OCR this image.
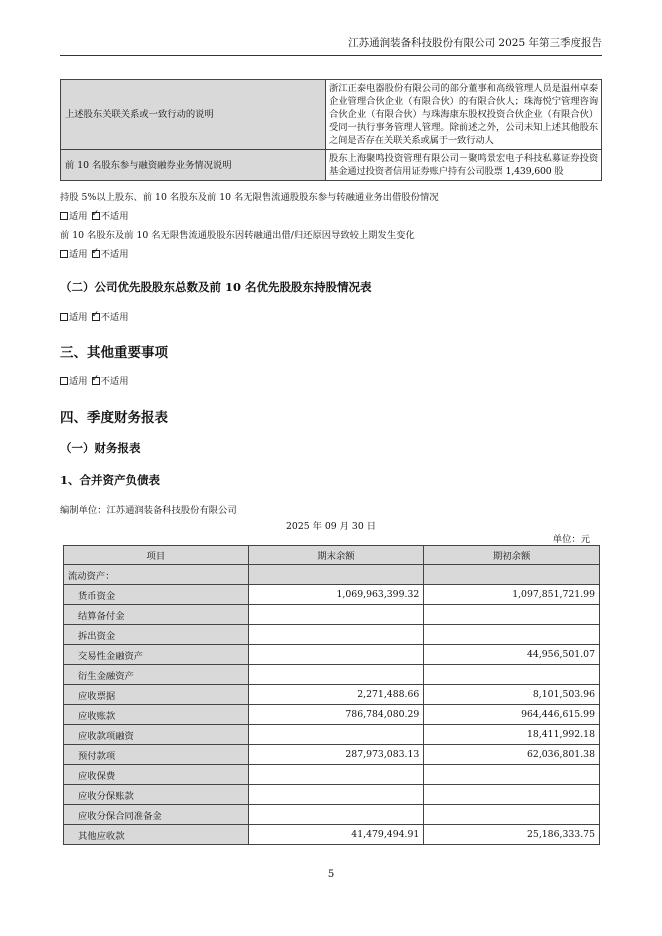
江苏通润装备科技股份有限公司 2025 年第三季度报告
上述股东关联关系或一致行动的说明	浙江正泰电器股份有限公司的部分董事和高级管理人员是温州卓泰企业管理合伙企业（有限合伙）的有限合伙人；珠海悦宁管理咨询合伙企业（有限合伙）与珠海康东股权投资合伙企业（有限合伙）受同一执行事务管理人管理。除前述之外，公司未知上述其他股东之间是否存在关联关系或属于一致行动人
前 10 名股东参与融资融券业务情况说明	股东上海聚鸣投资管理有限公司－聚鸣景宏电子科技私募证券投资基金通过投资者信用证券账户持有公司股票 1,439,600 股
持股 5%以上股东、前 10 名股东及前 10 名无限售流通股股东参与转融通业务出借股份情况
适用 ✓ 不适用
前 10 名股东及前 10 名无限售流通股股东因转融通出借/归还原因导致较上期发生变化
适用 ✓ 不适用
（二）公司优先股股东总数及前 10 名优先股股东持股情况表
适用 ✓ 不适用
三、其他重要事项
适用 ✓ 不适用
四、季度财务报表
（一）财务报表
1、合并资产负债表
编制单位：江苏通润装备科技股份有限公司
2025 年 09 月 30 日
单位：元
项目	期末余额	期初余额
流动资产：		
货币资金	1,069,963,399.32	1,097,851,721.99
结算备付金		
拆出资金		
交易性金融资产		44,956,501.07
衍生金融资产		
应收票据	2,271,488.66	8,101,503.96
应收账款	786,784,080.29	964,446,615.99
应收款项融资		18,411,992.18
预付款项	287,973,083.13	62,036,801.38
应收保费		
应收分保账款		
应收分保合同准备金		
其他应收款	41,479,494.91	25,186,333.75
5
